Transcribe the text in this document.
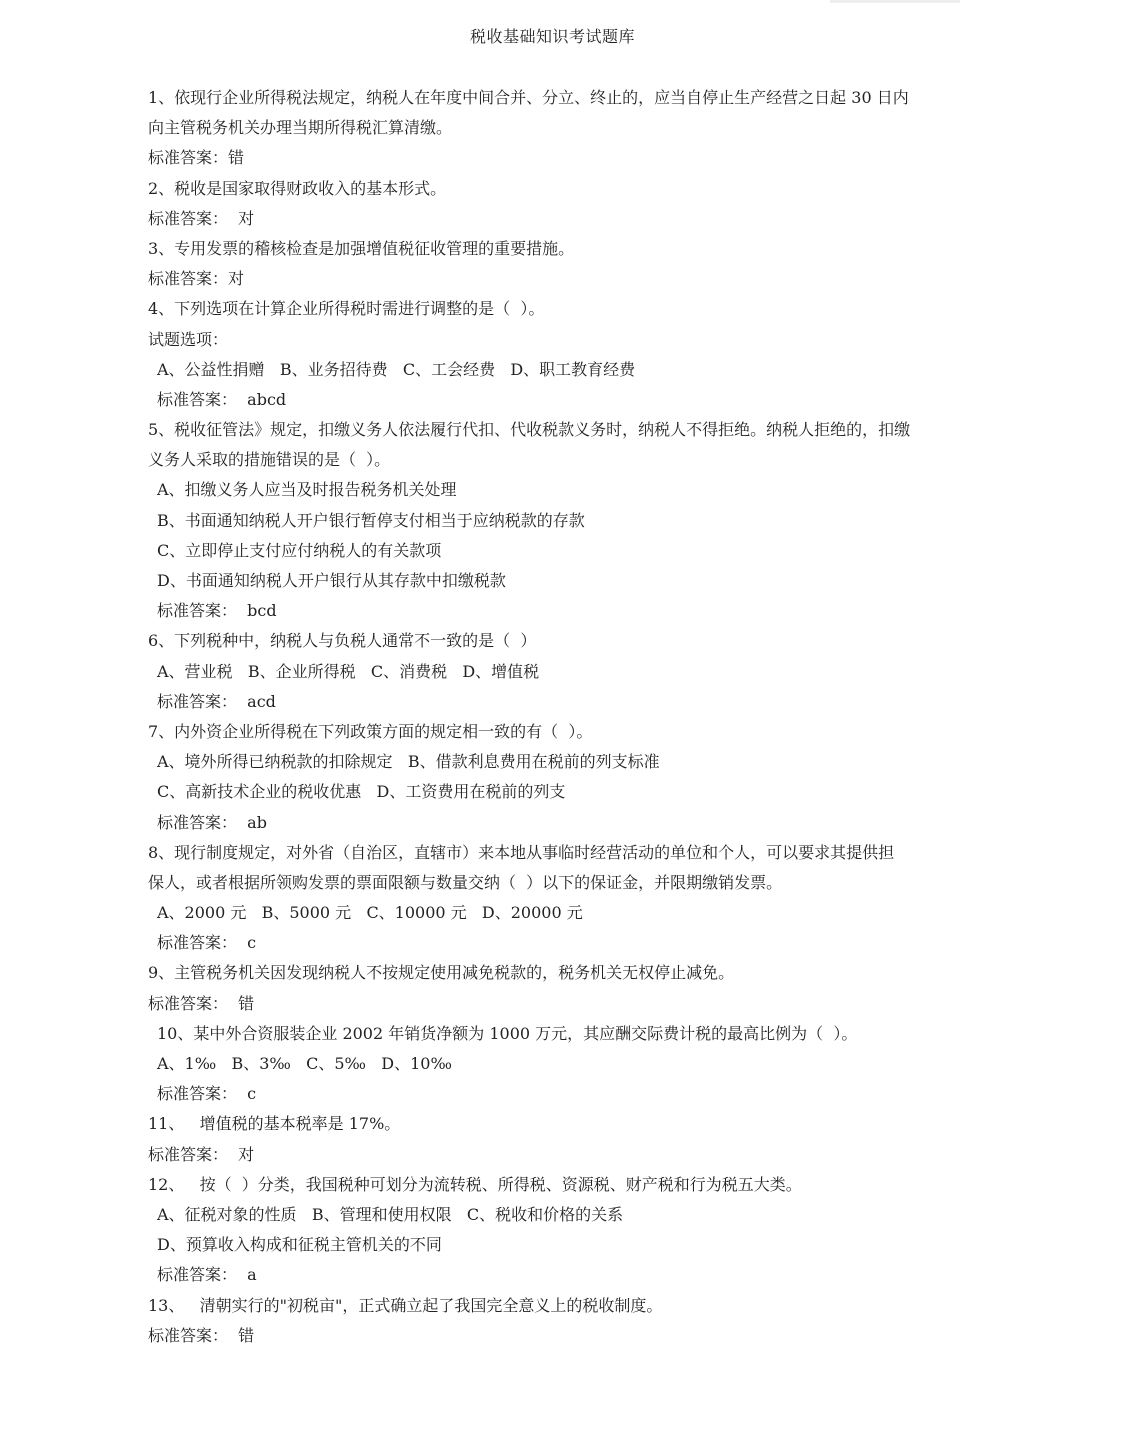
税收基础知识考试题库
1、依现行企业所得税法规定，纳税人在年度中间合并、分立、终止的，应当自停止生产经营之日起 30 日内
向主管税务机关办理当期所得税汇算清缴。
标准答案：错
2、税收是国家取得财政收入的基本形式。
标准答案：  对
3、专用发票的稽核检查是加强增值税征收管理的重要措施。
标准答案：对
4、下列选项在计算企业所得税时需进行调整的是（  ）。
试题选项：
A、公益性捐赠   B、业务招待费   C、工会经费   D、职工教育经费
标准答案：  abcd
5、税收征管法》规定，扣缴义务人依法履行代扣、代收税款义务时，纳税人不得拒绝。纳税人拒绝的，扣缴
义务人采取的措施错误的是（  ）。
A、扣缴义务人应当及时报告税务机关处理
B、书面通知纳税人开户银行暂停支付相当于应纳税款的存款
C、立即停止支付应付纳税人的有关款项
D、书面通知纳税人开户银行从其存款中扣缴税款
标准答案：  bcd
6、下列税种中，纳税人与负税人通常不一致的是（  ）
A、营业税   B、企业所得税   C、消费税   D、增值税
标准答案：  acd
7、内外资企业所得税在下列政策方面的规定相一致的有（  ）。
A、境外所得已纳税款的扣除规定   B、借款利息费用在税前的列支标准
C、高新技术企业的税收优惠   D、工资费用在税前的列支
标准答案：  ab
8、现行制度规定，对外省（自治区，直辖市）来本地从事临时经营活动的单位和个人，可以要求其提供担
保人，或者根据所领购发票的票面限额与数量交纳（  ）以下的保证金，并限期缴销发票。
A、2000 元   B、5000 元   C、10000 元   D、20000 元
标准答案：  c
9、主管税务机关因发现纳税人不按规定使用减免税款的，税务机关无权停止减免。
标准答案：  错
10、某中外合资服装企业 2002 年销货净额为 1000 万元，其应酬交际费计税的最高比例为（  ）。
A、1‰   B、3‰   C、5‰   D、10‰
标准答案：  c
11、   增值税的基本税率是 17%。
标准答案：  对
12、   按（  ）分类，我国税种可划分为流转税、所得税、资源税、财产税和行为税五大类。
A、征税对象的性质   B、管理和使用权限   C、税收和价格的关系
D、预算收入构成和征税主管机关的不同
标准答案：  a
13、   清朝实行的"初税亩"，正式确立起了我国完全意义上的税收制度。
标准答案：  错
